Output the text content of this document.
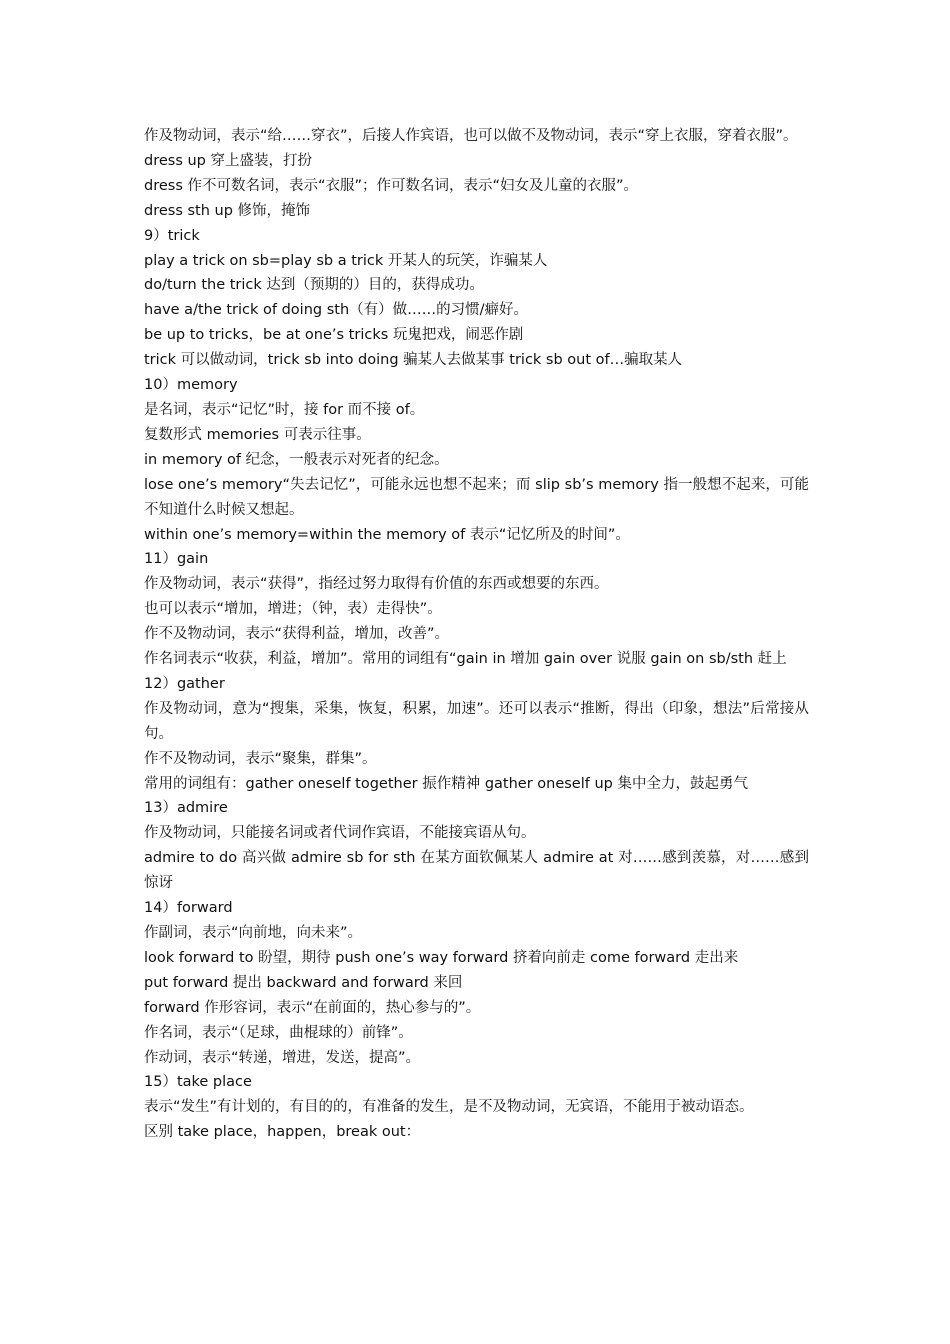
作及物动词，表示“给……穿衣”，后接人作宾语，也可以做不及物动词，表示“穿上衣服，穿着衣服”。
dress up 穿上盛装，打扮
dress 作不可数名词，表示“衣服”；作可数名词，表示“妇女及儿童的衣服”。
dress sth up 修饰，掩饰
9）trick
play a trick on sb=play sb a trick 开某人的玩笑，诈骗某人
do/turn the trick 达到（预期的）目的，获得成功。
have a/the trick of doing sth（有）做……的习惯/癖好。
be up to tricks，be at one’s tricks 玩鬼把戏，闹恶作剧
trick 可以做动词，trick sb into doing 骗某人去做某事 trick sb out of…骗取某人
10）memory
是名词，表示“记忆”时，接 for 而不接 of。
复数形式 memories 可表示往事。
in memory of 纪念，一般表示对死者的纪念。
lose one’s memory“失去记忆”，可能永远也想不起来；而 slip sb’s memory 指一般想不起来，可能不知道什么时候又想起。
within one’s memory=within the memory of 表示“记忆所及的时间”。
11）gain
作及物动词，表示“获得”，指经过努力取得有价值的东西或想要的东西。
也可以表示“增加，增进；（钟，表）走得快”。
作不及物动词，表示“获得利益，增加，改善”。
作名词表示“收获，利益，增加”。常用的词组有“gain in 增加 gain over 说服 gain on sb/sth 赶上
12）gather
作及物动词，意为“搜集，采集，恢复，积累，加速”。还可以表示“推断，得出（印象，想法”后常接从句。
作不及物动词，表示“聚集，群集”。
常用的词组有：gather oneself together 振作精神 gather oneself up 集中全力，鼓起勇气
13）admire
作及物动词，只能接名词或者代词作宾语，不能接宾语从句。
admire to do 高兴做 admire sb for sth 在某方面钦佩某人 admire at 对……感到羡慕，对……感到惊讶
14）forward
作副词，表示“向前地，向未来”。
look forward to 盼望，期待 push one’s way forward 挤着向前走 come forward 走出来
put forward 提出 backward and forward 来回
forward 作形容词，表示“在前面的，热心参与的”。
作名词，表示“（足球，曲棍球的）前锋”。
作动词，表示“转递，增进，发送，提高”。
15）take place
表示“发生”有计划的，有目的的，有准备的发生，是不及物动词，无宾语，不能用于被动语态。
区别 take place，happen，break out：
